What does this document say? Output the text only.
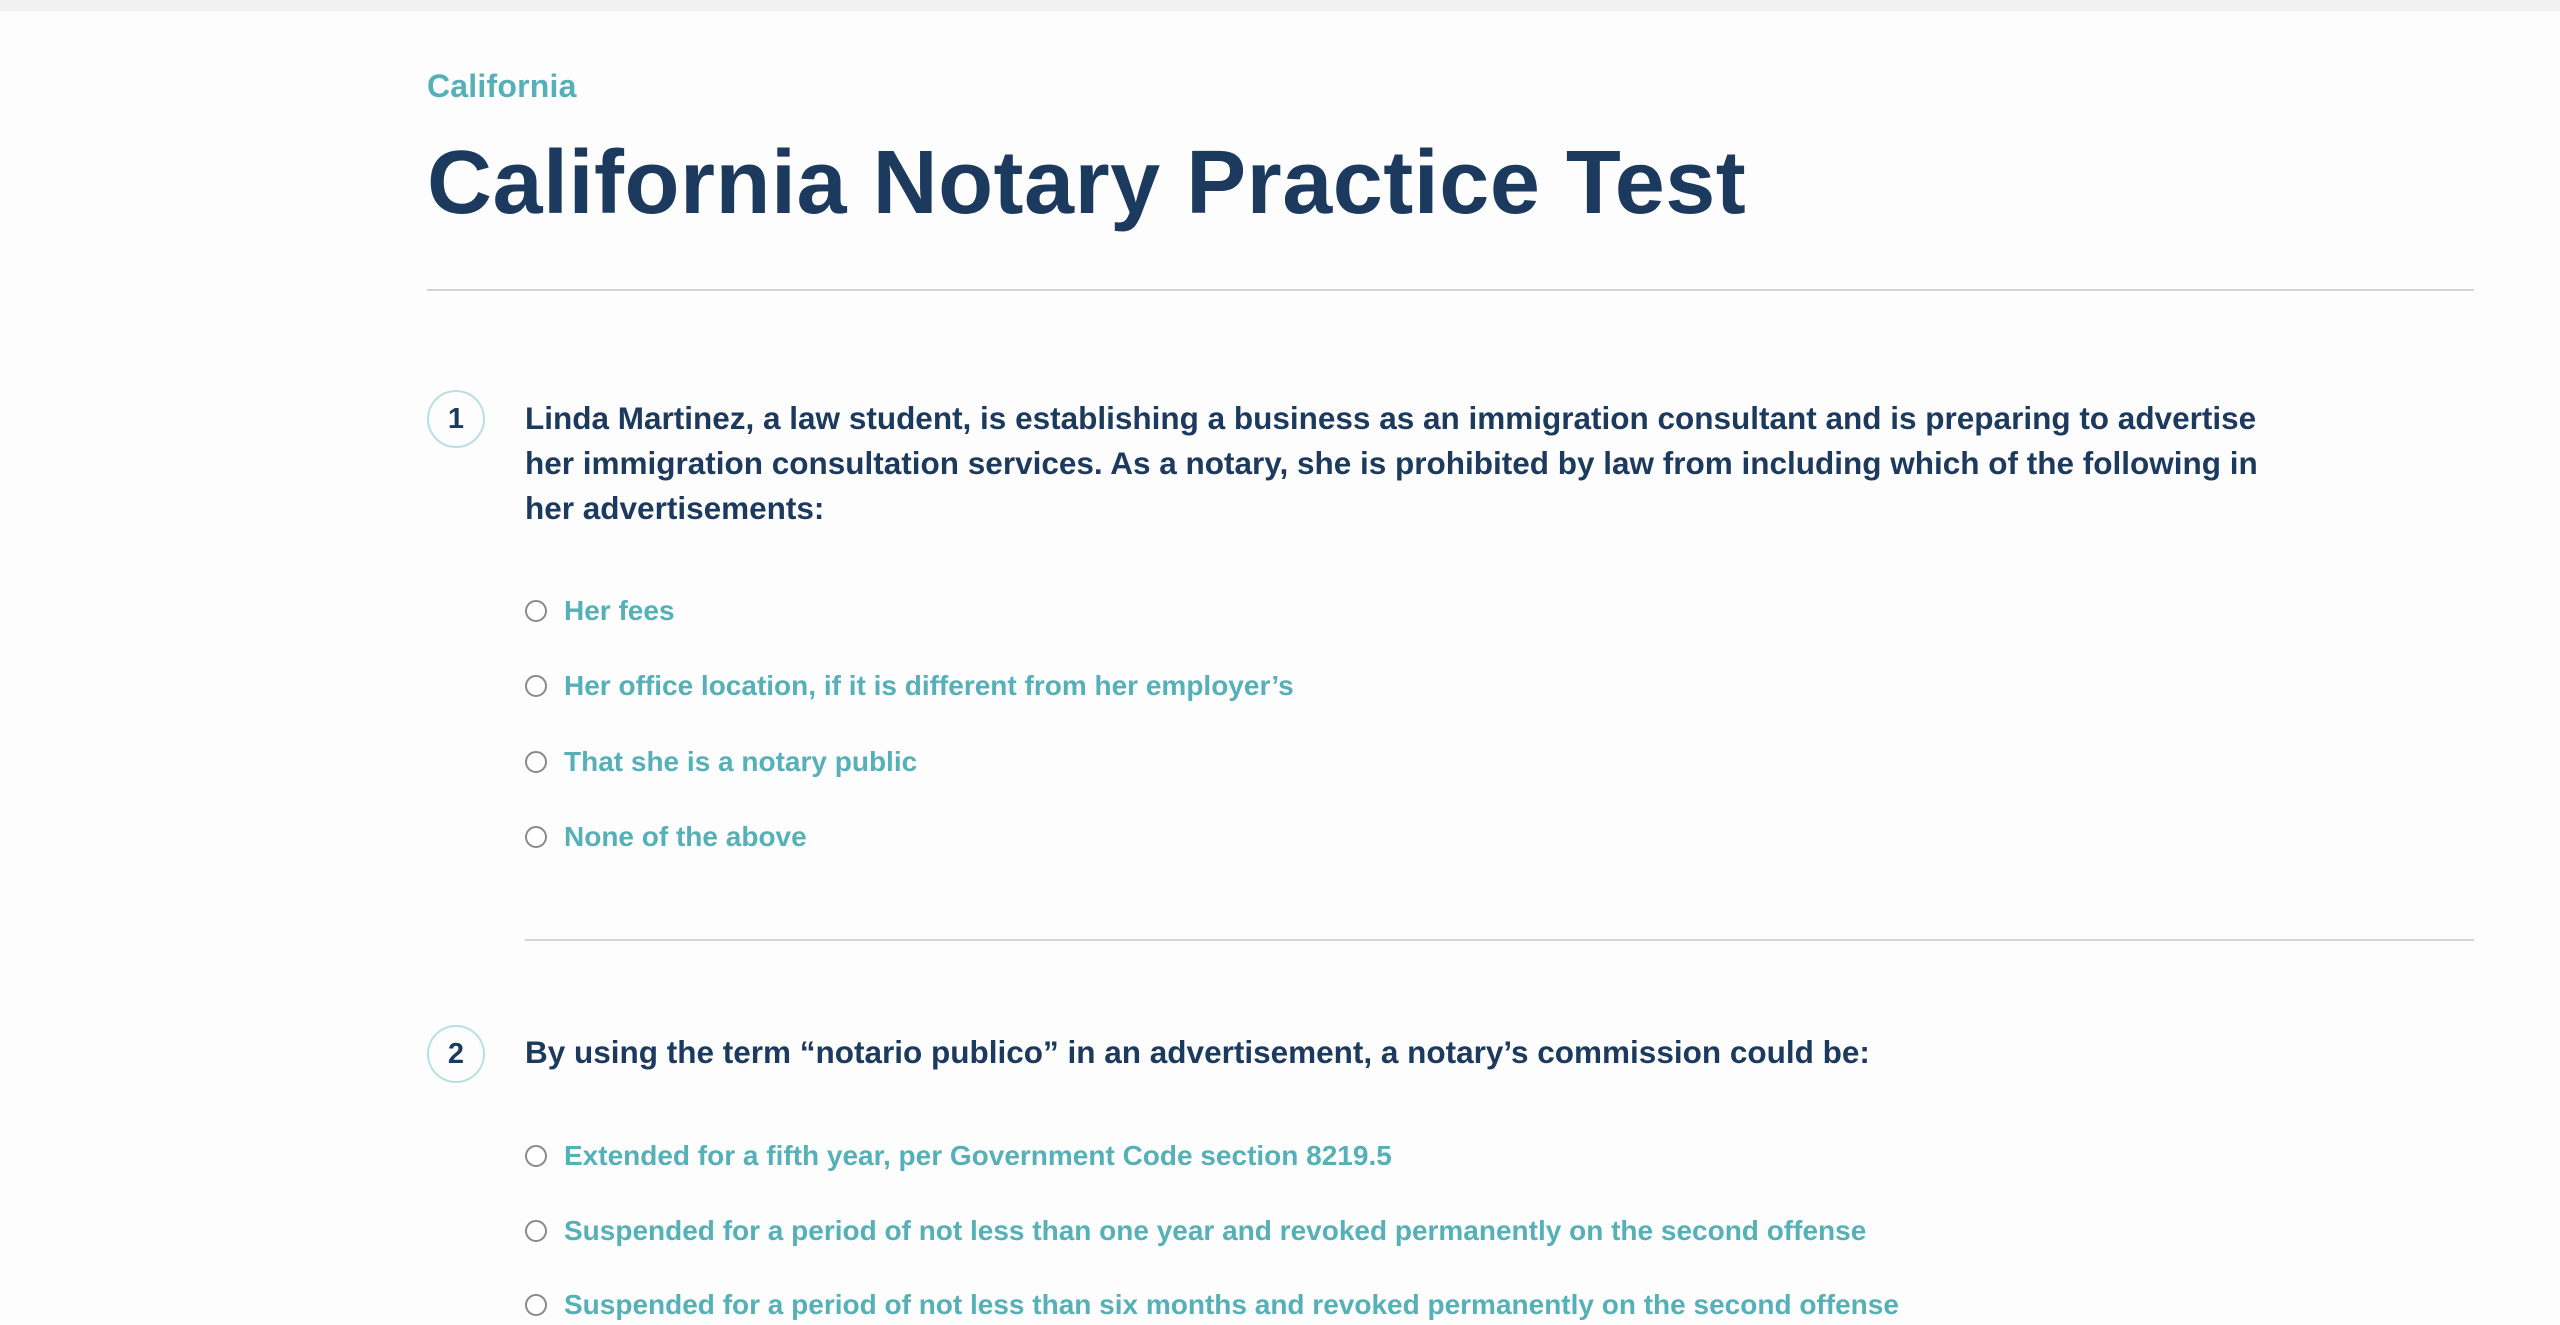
California
California Notary Practice Test
1	Linda Martinez, a law student, is establishing a business as an immigration consultant and is preparing to advertise her immigration consultation services. As a notary, she is prohibited by law from including which of the following in her advertisements:
Her fees
Her office location, if it is different from her employer’s
That she is a notary public
None of the above
2	By using the term “notario publico” in an advertisement, a notary’s commission could be:
Extended for a fifth year, per Government Code section 8219.5
Suspended for a period of not less than one year and revoked permanently on the second offense
Suspended for a period of not less than six months and revoked permanently on the second offense
